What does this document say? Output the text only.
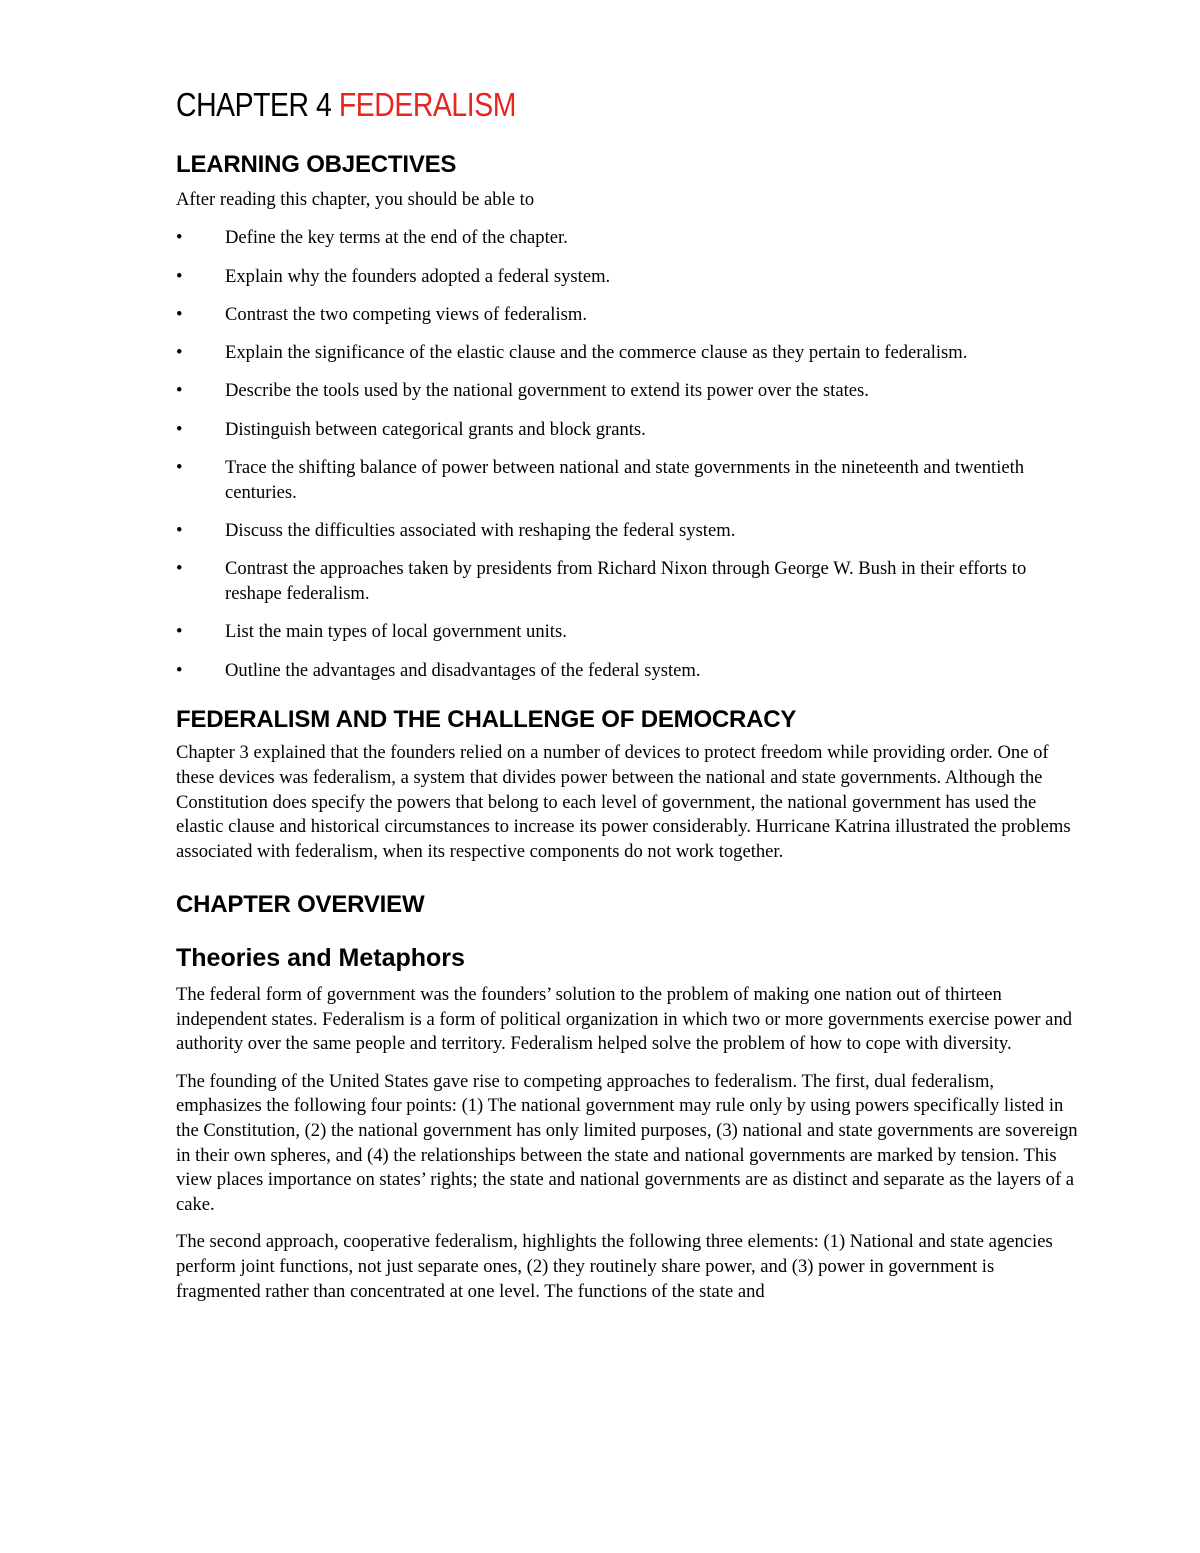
CHAPTER 4 FEDERALISM
LEARNING OBJECTIVES

After reading this chapter, you should be able to

• Define the key terms at the end of the chapter.
• Explain why the founders adopted a federal system.
• Contrast the two competing views of federalism.
• Explain the significance of the elastic clause and the commerce clause as they pertain to federalism.
• Describe the tools used by the national government to extend its power over the states.
• Distinguish between categorical grants and block grants.
• Trace the shifting balance of power between national and state governments in the nineteenth and twentieth centuries.
• Discuss the difficulties associated with reshaping the federal system.
• Contrast the approaches taken by presidents from Richard Nixon through George W. Bush in their efforts to reshape federalism.
• List the main types of local government units.
• Outline the advantages and disadvantages of the federal system.
FEDERALISM AND THE CHALLENGE OF DEMOCRACY

Chapter 3 explained that the founders relied on a number of devices to protect freedom while providing order. One of these devices was federalism, a system that divides power between the national and state governments. Although the Constitution does specify the powers that belong to each level of government, the national government has used the elastic clause and historical circumstances to increase its power considerably. Hurricane Katrina illustrated the problems associated with federalism, when its respective components do not work together.

CHAPTER OVERVIEW
Theories and Metaphors

The federal form of government was the founders’ solution to the problem of making one nation out of thirteen independent states. Federalism is a form of political organization in which two or more governments exercise power and authority over the same people and territory. Federalism helped solve the problem of how to cope with diversity.

The founding of the United States gave rise to competing approaches to federalism. The first, dual federalism, emphasizes the following four points: (1) The national government may rule only by using powers specifically listed in the Constitution, (2) the national government has only limited purposes, (3) national and state governments are sovereign in their own spheres, and (4) the relationships between the state and national governments are marked by tension. This view places importance on states’ rights; the state and national governments are as distinct and separate as the layers of a cake.

The second approach, cooperative federalism, highlights the following three elements: (1) National and state agencies perform joint functions, not just separate ones, (2) they routinely share power, and (3) power in government is fragmented rather than concentrated at one level. The functions of the state and
